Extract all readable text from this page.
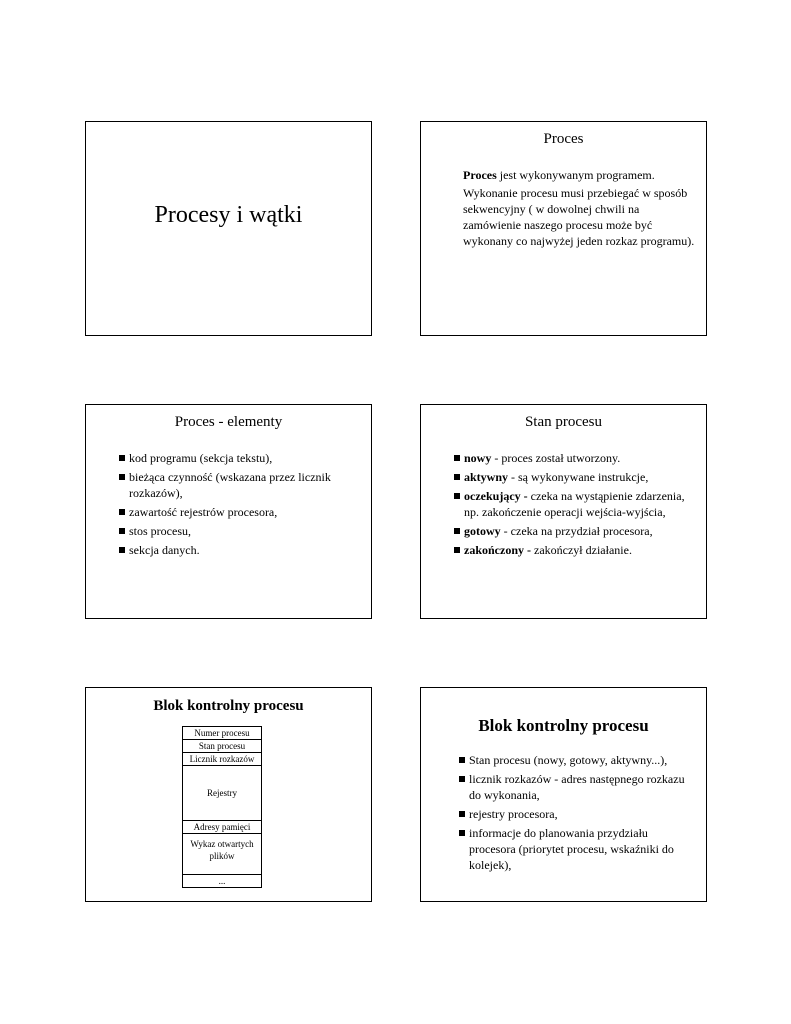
Procesy i wątki
Proces

Proces jest wykonywanym programem.

Wykonanie procesu musi przebiegać w sposób sekwencyjny ( w dowolnej chwili na zamówienie naszego procesu może być wykonany co najwyżej jeden rozkaz programu).

Proces - elementy
kod programu (sekcja tekstu),
bieżąca czynność (wskazana przez licznik rozkazów),
zawartość rejestrów procesora,
stos procesu,
sekcja danych.
Stan procesu
nowy - proces został utworzony.
aktywny - są wykonywane instrukcje,
oczekujący - czeka na wystąpienie zdarzenia, np. zakończenie operacji wejścia-wyjścia,
gotowy - czeka na przydział procesora,
zakończony - zakończył działanie.
Blok kontrolny procesu
Numer procesu
Stan procesu
Licznik rozkazów
Rejestry
Adresy pamięci
Wykaz otwartych plików
...
Blok kontrolny procesu
Stan procesu (nowy, gotowy, aktywny...),
licznik rozkazów - adres następnego rozkazu do wykonania,
rejestry procesora,
informacje do planowania przydziału procesora (priorytet procesu, wskaźniki do kolejek),
